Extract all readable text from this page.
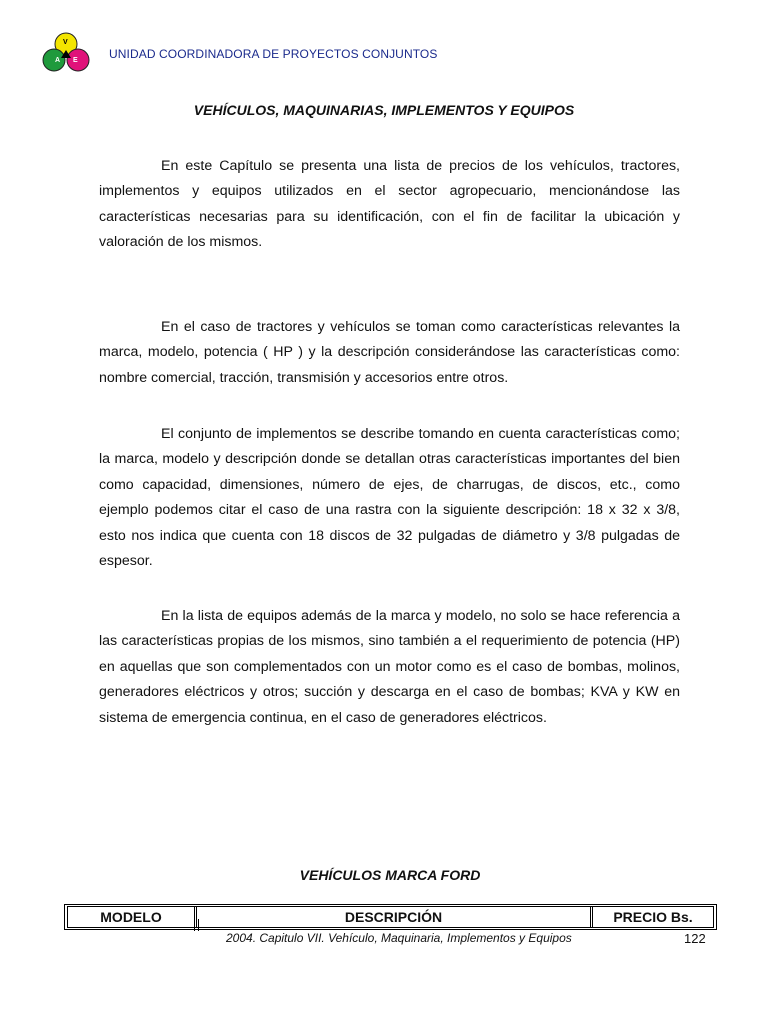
V
A E	UNIDAD COORDINADORA DE PROYECTOS CONJUNTOS
VEHÍCULOS, MAQUINARIAS, IMPLEMENTOS Y EQUIPOS

En este Capítulo se presenta una lista de precios de los vehículos, tractores, implementos y equipos utilizados en el sector agropecuario, mencionándose las características necesarias para su identificación, con el fin de facilitar la ubicación y valoración de los mismos.

En el caso de tractores y vehículos se toman como características relevantes la marca, modelo, potencia ( HP ) y la descripción considerándose las características como: nombre comercial, tracción, transmisión y accesorios entre otros.

El conjunto de implementos se describe tomando en cuenta características como; la marca, modelo y descripción donde se detallan otras características importantes del bien como capacidad, dimensiones, número de ejes, de charrugas, de discos, etc., como ejemplo podemos citar el caso de una rastra con la siguiente descripción: 18 x 32 x 3/8, esto nos indica que cuenta con 18 discos de 32 pulgadas de diámetro y 3/8 pulgadas de espesor.

En la lista de equipos además de la marca y modelo, no solo se hace referencia a las características propias de los mismos, sino también a el requerimiento de potencia (HP) en aquellas que son complementados con un motor como es el caso de bombas, molinos, generadores eléctricos y otros; succión y descarga en el caso de bombas; KVA y KW en sistema de emergencia continua, en el caso de generadores eléctricos.

VEHÍCULOS MARCA FORD
MODELO	DESCRIPCIÓN	PRECIO Bs.
2004. Capitulo VII. Vehículo, Maquinaria, Implementos y Equipos	122
